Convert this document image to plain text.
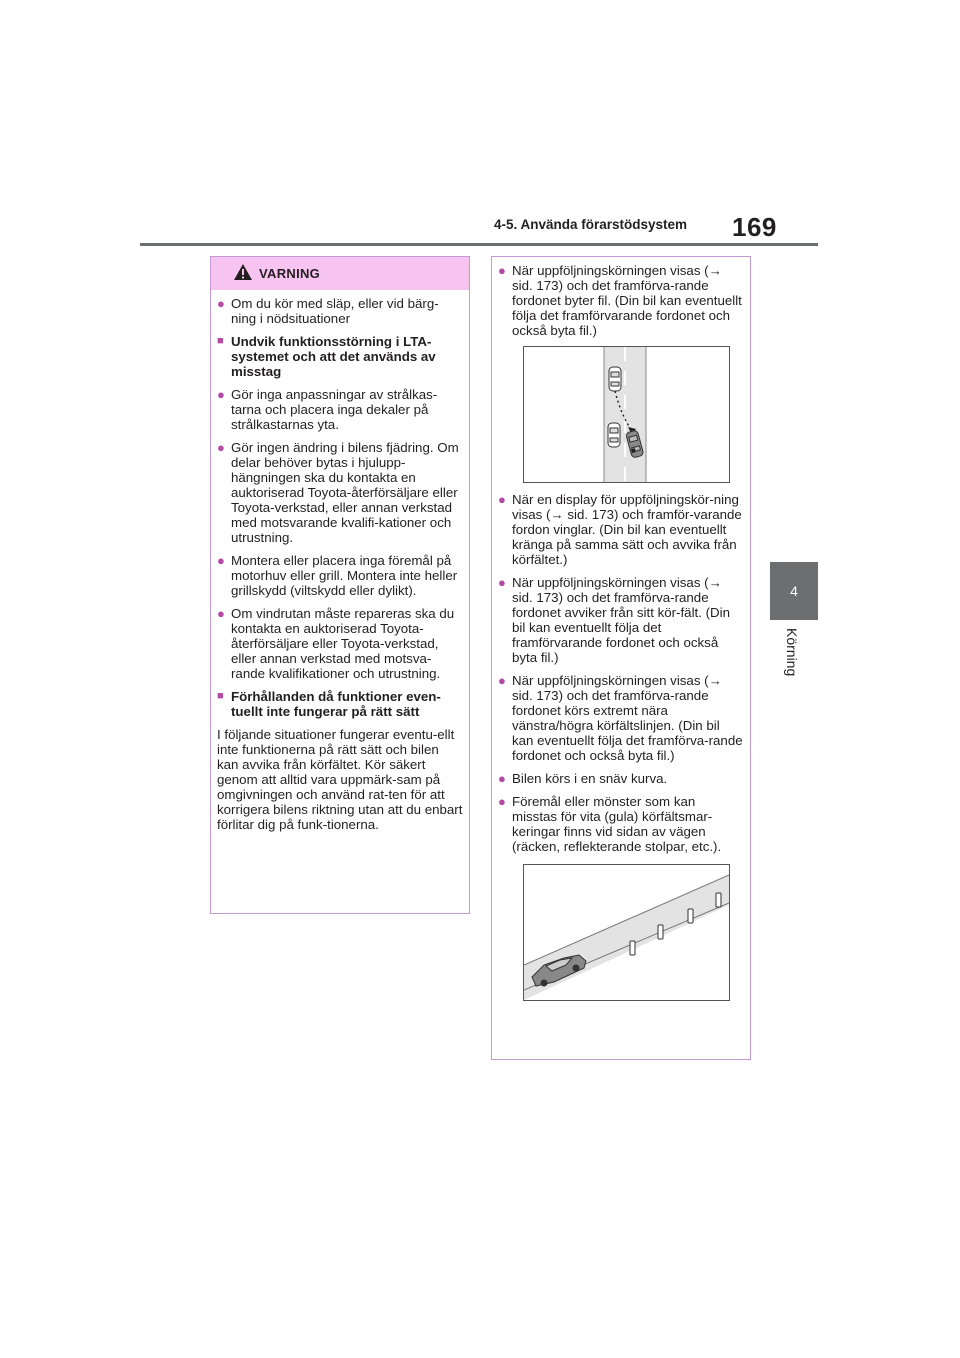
4-5. Använda förarstödsystem 169
4
Körning
VARNING
● Om du kör med släp, eller vid bärg-ning i nödsituationer
■ Undvik funktionsstörning i LTA-systemet och att det används av misstag
● Gör inga anpassningar av strålkas-tarna och placera inga dekaler på strålkastarnas yta.
● Gör ingen ändring i bilens fjädring. Om delar behöver bytas i hjulupp-hängningen ska du kontakta en auktoriserad Toyota-återförsäljare eller Toyota-verkstad, eller annan verkstad med motsvarande kvalifi-kationer och utrustning.
● Montera eller placera inga föremål på motorhuv eller grill. Montera inte heller grillskydd (viltskydd eller dylikt).
● Om vindrutan måste repareras ska du kontakta en auktoriserad Toyota-återförsäljare eller Toyota-verkstad, eller annan verkstad med motsva-rande kvalifikationer och utrustning.
■ Förhållanden då funktioner even-tuellt inte fungerar på rätt sätt
I följande situationer fungerar eventu-ellt inte funktionerna på rätt sätt och bilen kan avvika från körfältet. Kör säkert genom att alltid vara uppmärk-sam på omgivningen och använd rat-ten för att korrigera bilens riktning utan att du enbart förlitar dig på funk-tionerna.
● När uppföljningskörningen visas (→ sid. 173) och det framförva-rande fordonet byter fil. (Din bil kan eventuellt följa det framförvarande fordonet och också byta fil.)
● När en display för uppföljningskör-ning visas (→ sid. 173) och framför-varande fordon vinglar. (Din bil kan eventuellt kränga på samma sätt och avvika från körfältet.)
● När uppföljningskörningen visas (→ sid. 173) och det framförva-rande fordonet avviker från sitt kör-fält. (Din bil kan eventuellt följa det framförvarande fordonet och också byta fil.)
● När uppföljningskörningen visas (→ sid. 173) och det framförva-rande fordonet körs extremt nära vänstra/högra körfältslinjen. (Din bil kan eventuellt följa det framförva-rande fordonet och också byta fil.)
● Bilen körs i en snäv kurva.
● Föremål eller mönster som kan misstas för vita (gula) körfältsmar-keringar finns vid sidan av vägen (räcken, reflekterande stolpar, etc.).
